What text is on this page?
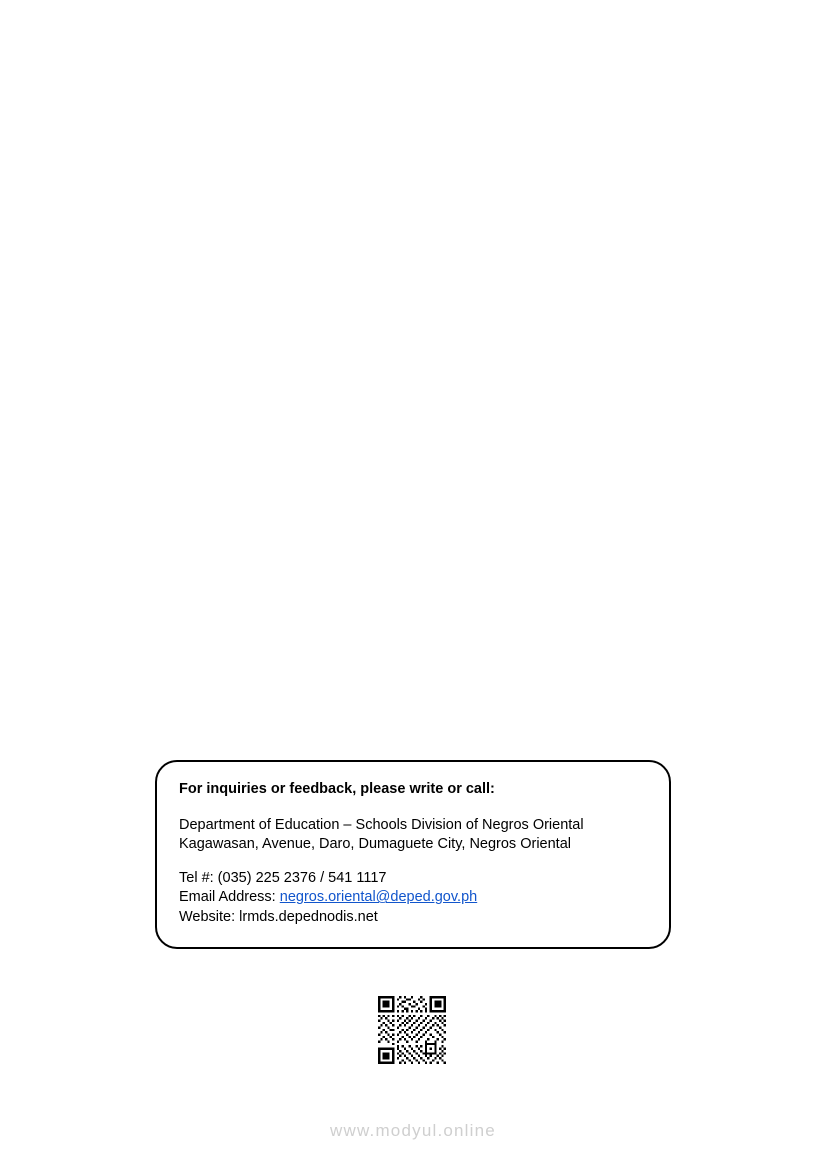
For inquiries or feedback, please write or call:

Department of Education – Schools Division of Negros Oriental

Kagawasan, Avenue, Daro, Dumaguete City, Negros Oriental

Tel #: (035) 225 2376 / 541 1117

Email Address: negros.oriental@deped.gov.ph

Website: lrmds.depednodis.net

www.modyul.online
